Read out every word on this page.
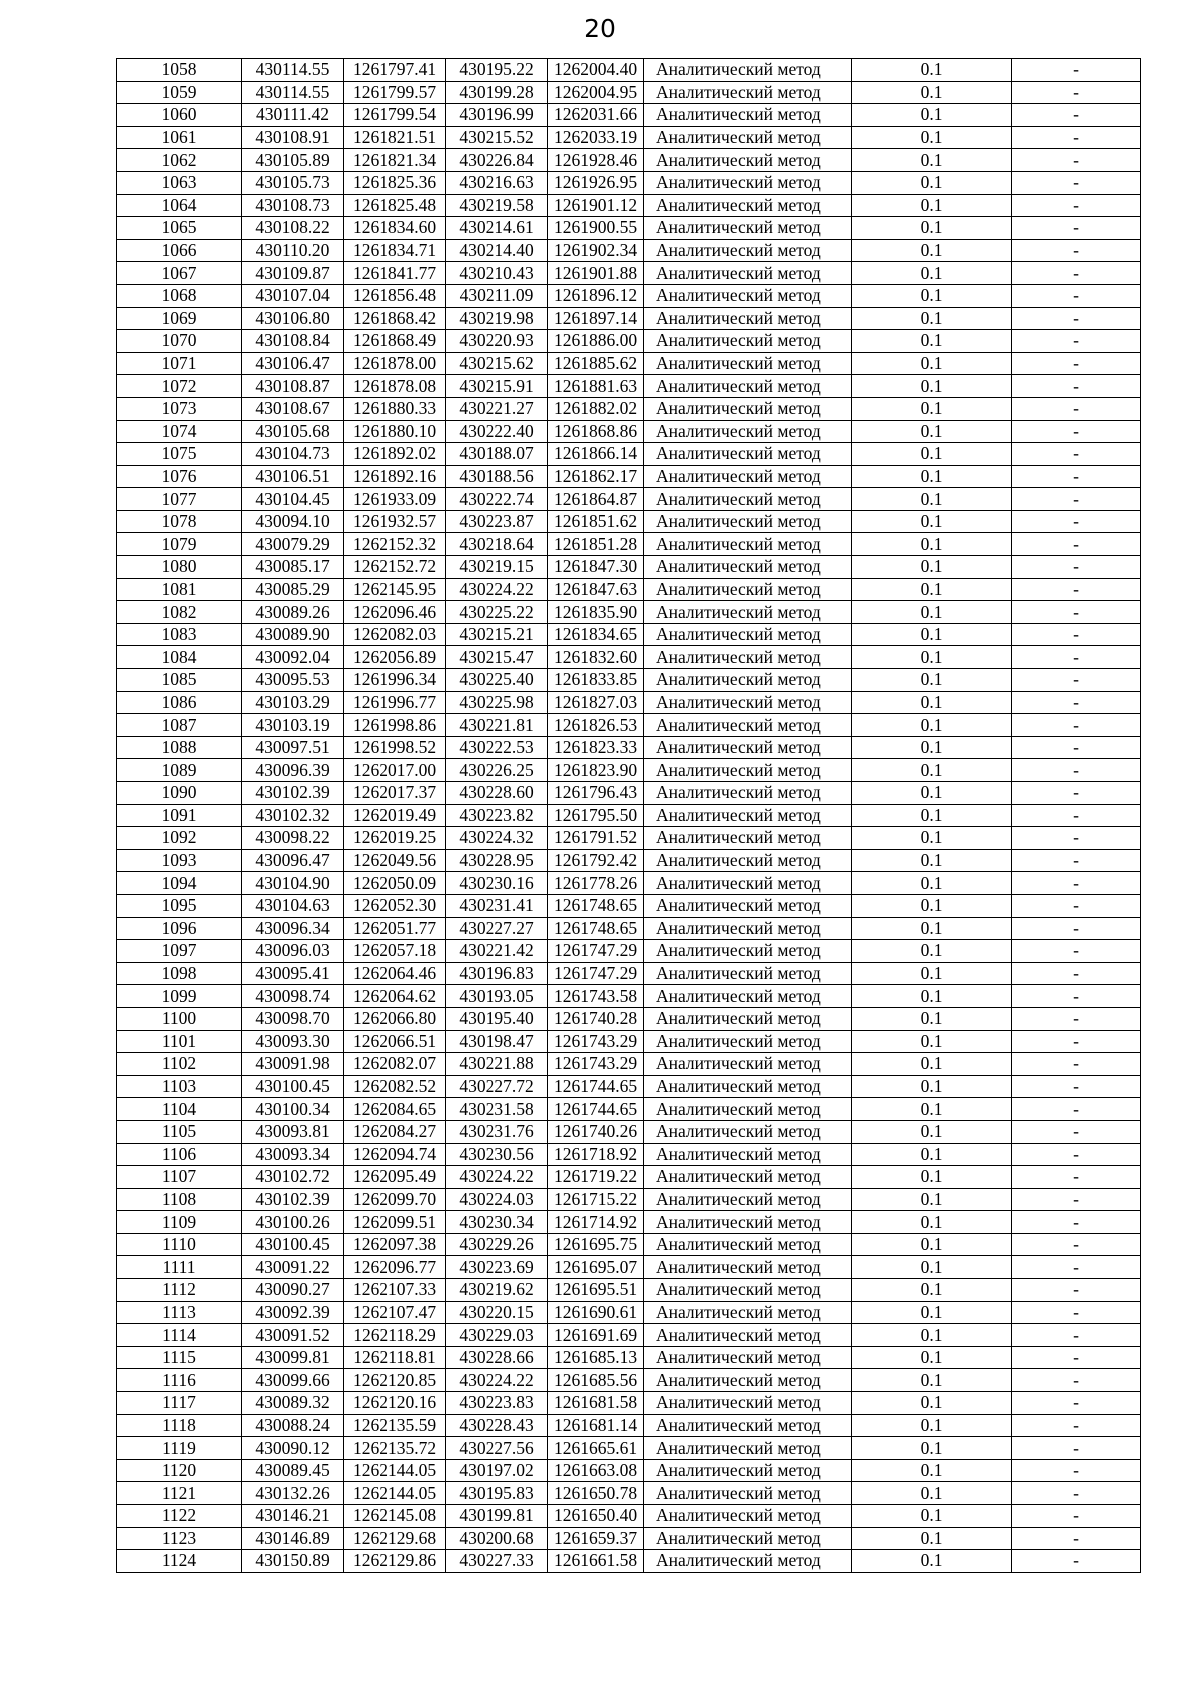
20
1058	430114.55	1261797.41	430195.22	1262004.40	Аналитический метод	0.1	-
1059	430114.55	1261799.57	430199.28	1262004.95	Аналитический метод	0.1	-
1060	430111.42	1261799.54	430196.99	1262031.66	Аналитический метод	0.1	-
1061	430108.91	1261821.51	430215.52	1262033.19	Аналитический метод	0.1	-
1062	430105.89	1261821.34	430226.84	1261928.46	Аналитический метод	0.1	-
1063	430105.73	1261825.36	430216.63	1261926.95	Аналитический метод	0.1	-
1064	430108.73	1261825.48	430219.58	1261901.12	Аналитический метод	0.1	-
1065	430108.22	1261834.60	430214.61	1261900.55	Аналитический метод	0.1	-
1066	430110.20	1261834.71	430214.40	1261902.34	Аналитический метод	0.1	-
1067	430109.87	1261841.77	430210.43	1261901.88	Аналитический метод	0.1	-
1068	430107.04	1261856.48	430211.09	1261896.12	Аналитический метод	0.1	-
1069	430106.80	1261868.42	430219.98	1261897.14	Аналитический метод	0.1	-
1070	430108.84	1261868.49	430220.93	1261886.00	Аналитический метод	0.1	-
1071	430106.47	1261878.00	430215.62	1261885.62	Аналитический метод	0.1	-
1072	430108.87	1261878.08	430215.91	1261881.63	Аналитический метод	0.1	-
1073	430108.67	1261880.33	430221.27	1261882.02	Аналитический метод	0.1	-
1074	430105.68	1261880.10	430222.40	1261868.86	Аналитический метод	0.1	-
1075	430104.73	1261892.02	430188.07	1261866.14	Аналитический метод	0.1	-
1076	430106.51	1261892.16	430188.56	1261862.17	Аналитический метод	0.1	-
1077	430104.45	1261933.09	430222.74	1261864.87	Аналитический метод	0.1	-
1078	430094.10	1261932.57	430223.87	1261851.62	Аналитический метод	0.1	-
1079	430079.29	1262152.32	430218.64	1261851.28	Аналитический метод	0.1	-
1080	430085.17	1262152.72	430219.15	1261847.30	Аналитический метод	0.1	-
1081	430085.29	1262145.95	430224.22	1261847.63	Аналитический метод	0.1	-
1082	430089.26	1262096.46	430225.22	1261835.90	Аналитический метод	0.1	-
1083	430089.90	1262082.03	430215.21	1261834.65	Аналитический метод	0.1	-
1084	430092.04	1262056.89	430215.47	1261832.60	Аналитический метод	0.1	-
1085	430095.53	1261996.34	430225.40	1261833.85	Аналитический метод	0.1	-
1086	430103.29	1261996.77	430225.98	1261827.03	Аналитический метод	0.1	-
1087	430103.19	1261998.86	430221.81	1261826.53	Аналитический метод	0.1	-
1088	430097.51	1261998.52	430222.53	1261823.33	Аналитический метод	0.1	-
1089	430096.39	1262017.00	430226.25	1261823.90	Аналитический метод	0.1	-
1090	430102.39	1262017.37	430228.60	1261796.43	Аналитический метод	0.1	-
1091	430102.32	1262019.49	430223.82	1261795.50	Аналитический метод	0.1	-
1092	430098.22	1262019.25	430224.32	1261791.52	Аналитический метод	0.1	-
1093	430096.47	1262049.56	430228.95	1261792.42	Аналитический метод	0.1	-
1094	430104.90	1262050.09	430230.16	1261778.26	Аналитический метод	0.1	-
1095	430104.63	1262052.30	430231.41	1261748.65	Аналитический метод	0.1	-
1096	430096.34	1262051.77	430227.27	1261748.65	Аналитический метод	0.1	-
1097	430096.03	1262057.18	430221.42	1261747.29	Аналитический метод	0.1	-
1098	430095.41	1262064.46	430196.83	1261747.29	Аналитический метод	0.1	-
1099	430098.74	1262064.62	430193.05	1261743.58	Аналитический метод	0.1	-
1100	430098.70	1262066.80	430195.40	1261740.28	Аналитический метод	0.1	-
1101	430093.30	1262066.51	430198.47	1261743.29	Аналитический метод	0.1	-
1102	430091.98	1262082.07	430221.88	1261743.29	Аналитический метод	0.1	-
1103	430100.45	1262082.52	430227.72	1261744.65	Аналитический метод	0.1	-
1104	430100.34	1262084.65	430231.58	1261744.65	Аналитический метод	0.1	-
1105	430093.81	1262084.27	430231.76	1261740.26	Аналитический метод	0.1	-
1106	430093.34	1262094.74	430230.56	1261718.92	Аналитический метод	0.1	-
1107	430102.72	1262095.49	430224.22	1261719.22	Аналитический метод	0.1	-
1108	430102.39	1262099.70	430224.03	1261715.22	Аналитический метод	0.1	-
1109	430100.26	1262099.51	430230.34	1261714.92	Аналитический метод	0.1	-
1110	430100.45	1262097.38	430229.26	1261695.75	Аналитический метод	0.1	-
1111	430091.22	1262096.77	430223.69	1261695.07	Аналитический метод	0.1	-
1112	430090.27	1262107.33	430219.62	1261695.51	Аналитический метод	0.1	-
1113	430092.39	1262107.47	430220.15	1261690.61	Аналитический метод	0.1	-
1114	430091.52	1262118.29	430229.03	1261691.69	Аналитический метод	0.1	-
1115	430099.81	1262118.81	430228.66	1261685.13	Аналитический метод	0.1	-
1116	430099.66	1262120.85	430224.22	1261685.56	Аналитический метод	0.1	-
1117	430089.32	1262120.16	430223.83	1261681.58	Аналитический метод	0.1	-
1118	430088.24	1262135.59	430228.43	1261681.14	Аналитический метод	0.1	-
1119	430090.12	1262135.72	430227.56	1261665.61	Аналитический метод	0.1	-
1120	430089.45	1262144.05	430197.02	1261663.08	Аналитический метод	0.1	-
1121	430132.26	1262144.05	430195.83	1261650.78	Аналитический метод	0.1	-
1122	430146.21	1262145.08	430199.81	1261650.40	Аналитический метод	0.1	-
1123	430146.89	1262129.68	430200.68	1261659.37	Аналитический метод	0.1	-
1124	430150.89	1262129.86	430227.33	1261661.58	Аналитический метод	0.1	-
